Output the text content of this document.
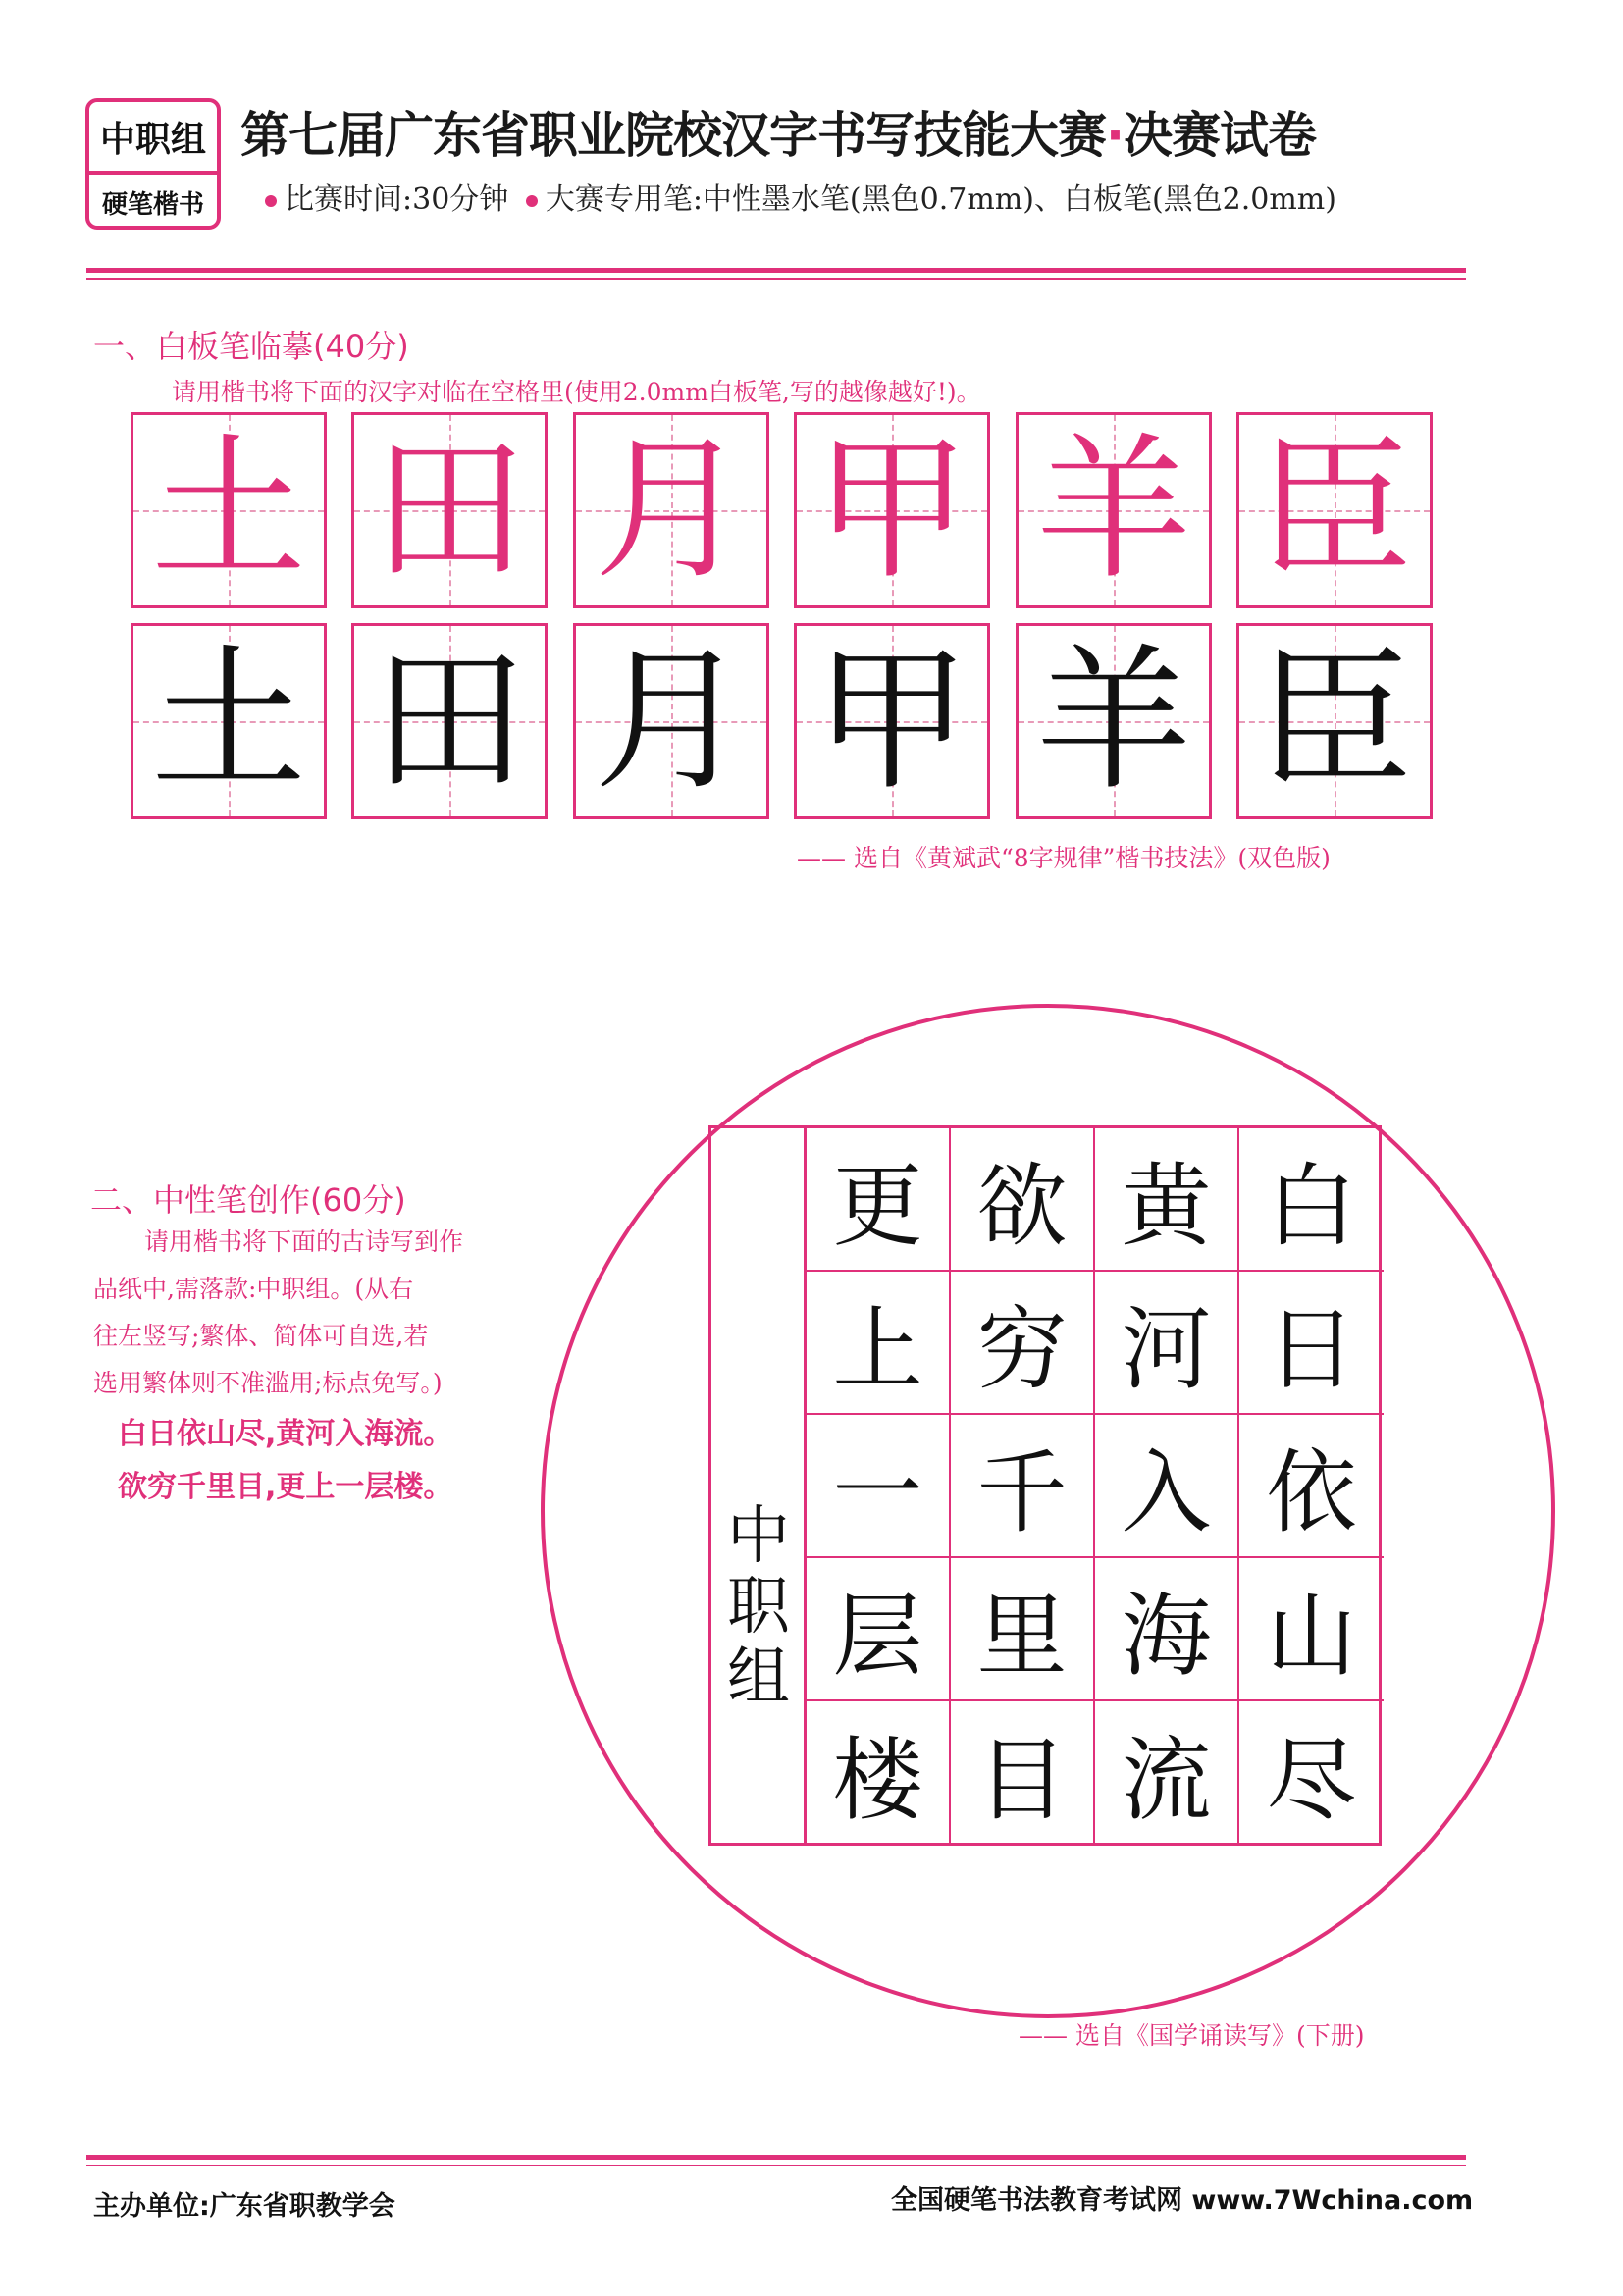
中职组
硬笔楷书
第七届广东省职业院校汉字书写技能大赛·决赛试卷
比赛时间:30分钟 大赛专用笔:中性墨水笔(黑色0.7mm)、白板笔(黑色2.0mm)
一、白板笔临摹(40分)
请用楷书将下面的汉字对临在空格里(使用2.0mm白板笔,写的越像越好!)。
土 田 月 甲 羊 臣
土 田 月 甲 羊 臣
—— 选自《黄斌武“8字规律”楷书技法》(双色版)
中职组
白
日
依
山
尽
黄
河
入
海
流
欲
穷
千
里
目
更
上
一
层
楼
二、中性笔创作(60分)
请用楷书将下面的古诗写到作
品纸中,需落款:中职组。(从右
往左竖写;繁体、简体可自选,若
选用繁体则不准滥用;标点免写。)
白日依山尽,黄河入海流。
欲穷千里目,更上一层楼。
—— 选自《国学诵读写》(下册)
主办单位:广东省职教学会	全国硬笔书法教育考试网 www.7Wchina.com
